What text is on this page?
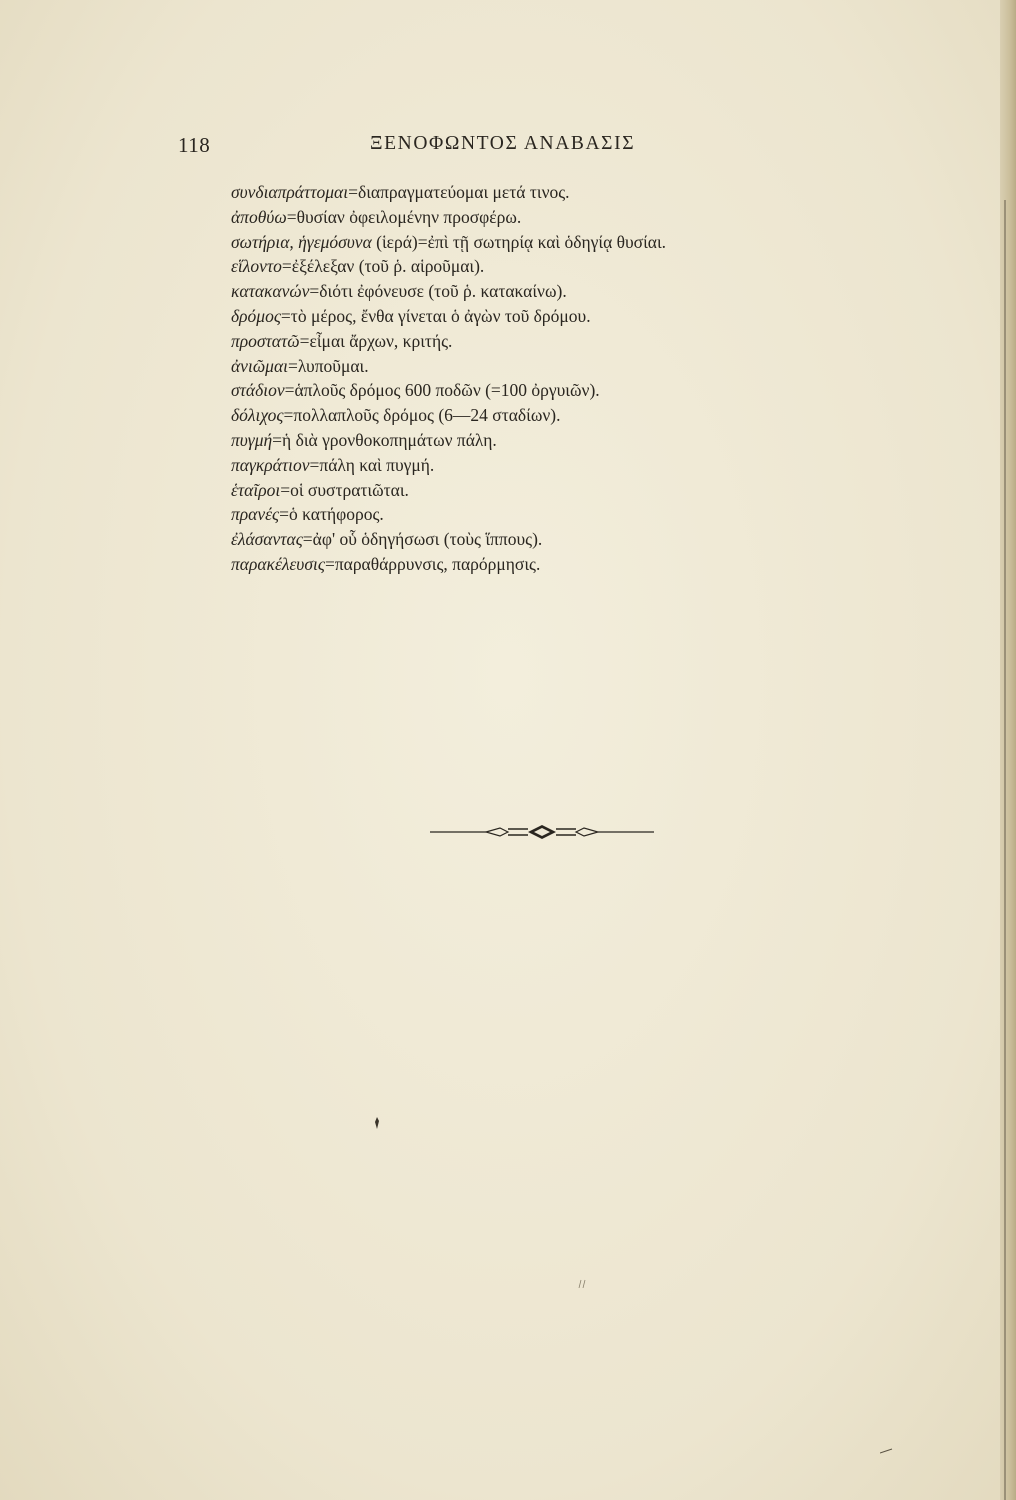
118	ΞΕΝΟΦΩΝΤΟΣ ΑΝΑΒΑΣΙΣ
συνδιαπράττομαι=διαπραγματεύομαι μετά τινος.
ἀποθύω=θυσίαν ὀφειλομένην προσφέρω.
σωτήρια, ἡγεμόσυνα (ἱερά)=ἐπὶ τῇ σωτηρίᾳ καὶ ὁδηγίᾳ θυσίαι.
εἵλοντο=ἐξέλεξαν (τοῦ ῥ. αἱροῦμαι).
κατακανών=διότι ἐφόνευσε (τοῦ ῥ. κατακαίνω).
δρόμος=τὸ μέρος, ἔνθα γίνεται ὁ ἀγὼν τοῦ δρόμου.
προστατῶ=εἶμαι ἄρχων, κριτής.
ἀνιῶμαι=λυποῦμαι.
στάδιον=ἁπλοῦς δρόμος 600 ποδῶν (=100 ὀργυιῶν).
δόλιχος=πολλαπλοῦς δρόμος (6—24 σταδίων).
πυγμή=ἡ διὰ γρονθοκοπημάτων πάλη.
παγκράτιον=πάλη καὶ πυγμή.
ἑταῖροι=οἱ συστρατιῶται.
πρανές=ὁ κατήφορος.
ἐλάσαντας=ἀφ' οὗ ὁδηγήσωσι (τοὺς ἵππους).
παρακέλευσις=παραθάρρυνσις, παρόρμησις.
